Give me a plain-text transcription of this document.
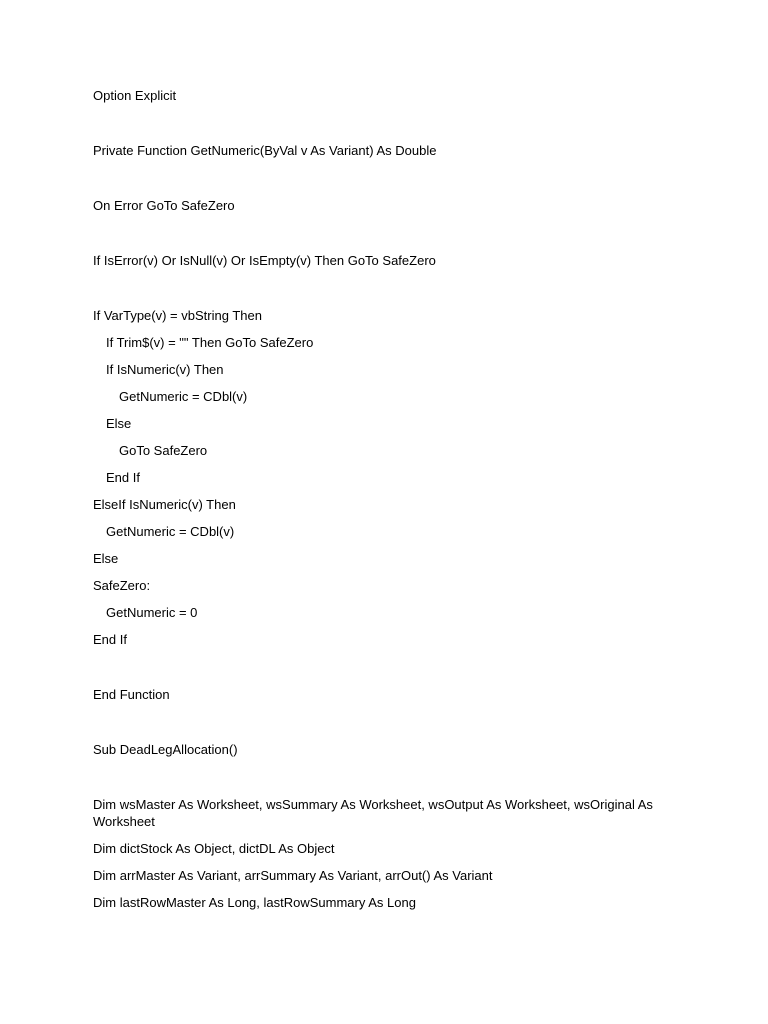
Option Explicit

Private Function GetNumeric(ByVal v As Variant) As Double

On Error GoTo SafeZero

If IsError(v) Or IsNull(v) Or IsEmpty(v) Then GoTo SafeZero

If VarType(v) = vbString Then

If Trim$(v) = "" Then GoTo SafeZero

If IsNumeric(v) Then

GetNumeric = CDbl(v)

Else

GoTo SafeZero

End If

ElseIf IsNumeric(v) Then

GetNumeric = CDbl(v)

Else

SafeZero:

GetNumeric = 0

End If

End Function

Sub DeadLegAllocation()

Dim wsMaster As Worksheet, wsSummary As Worksheet, wsOutput As Worksheet, wsOriginal As Worksheet

Dim dictStock As Object, dictDL As Object

Dim arrMaster As Variant, arrSummary As Variant, arrOut() As Variant

Dim lastRowMaster As Long, lastRowSummary As Long
